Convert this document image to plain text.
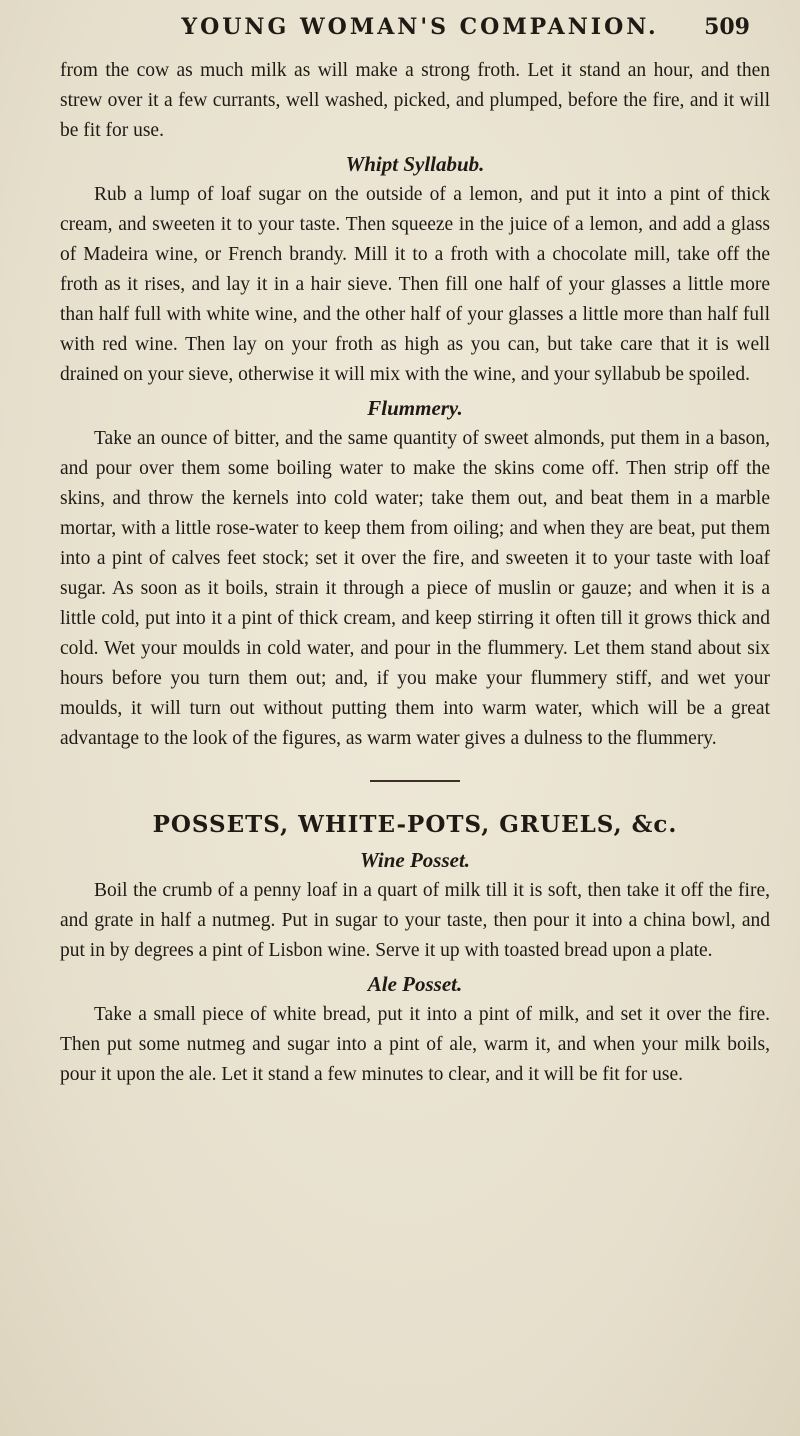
YOUNG WOMAN'S COMPANION.	509

from the cow as much milk as will make a strong froth. Let it stand an hour, and then strew over it a few currants, well washed, picked, and plumped, before the fire, and it will be fit for use.

Whipt Syllabub.

Rub a lump of loaf sugar on the outside of a lemon, and put it into a pint of thick cream, and sweeten it to your taste. Then squeeze in the juice of a lemon, and add a glass of Madeira wine, or French brandy. Mill it to a froth with a chocolate mill, take off the froth as it rises, and lay it in a hair sieve. Then fill one half of your glasses a little more than half full with white wine, and the other half of your glasses a little more than half full with red wine. Then lay on your froth as high as you can, but take care that it is well drained on your sieve, otherwise it will mix with the wine, and your syllabub be spoiled.

Flummery.

Take an ounce of bitter, and the same quantity of sweet almonds, put them in a bason, and pour over them some boiling water to make the skins come off. Then strip off the skins, and throw the kernels into cold water; take them out, and beat them in a marble mortar, with a little rose-water to keep them from oiling; and when they are beat, put them into a pint of calves feet stock; set it over the fire, and sweeten it to your taste with loaf sugar. As soon as it boils, strain it through a piece of muslin or gauze; and when it is a little cold, put into it a pint of thick cream, and keep stirring it often till it grows thick and cold. Wet your moulds in cold water, and pour in the flummery. Let them stand about six hours before you turn them out; and, if you make your flummery stiff, and wet your moulds, it will turn out without putting them into warm water, which will be a great advantage to the look of the figures, as warm water gives a dulness to the flummery.

POSSETS, WHITE-POTS, GRUELS, &c.
Wine Posset.

Boil the crumb of a penny loaf in a quart of milk till it is soft, then take it off the fire, and grate in half a nutmeg. Put in sugar to your taste, then pour it into a china bowl, and put in by degrees a pint of Lisbon wine. Serve it up with toasted bread upon a plate.

Ale Posset.

Take a small piece of white bread, put it into a pint of milk, and set it over the fire. Then put some nutmeg and sugar into a pint of ale, warm it, and when your milk boils, pour it upon the ale. Let it stand a few minutes to clear, and it will be fit for use.
